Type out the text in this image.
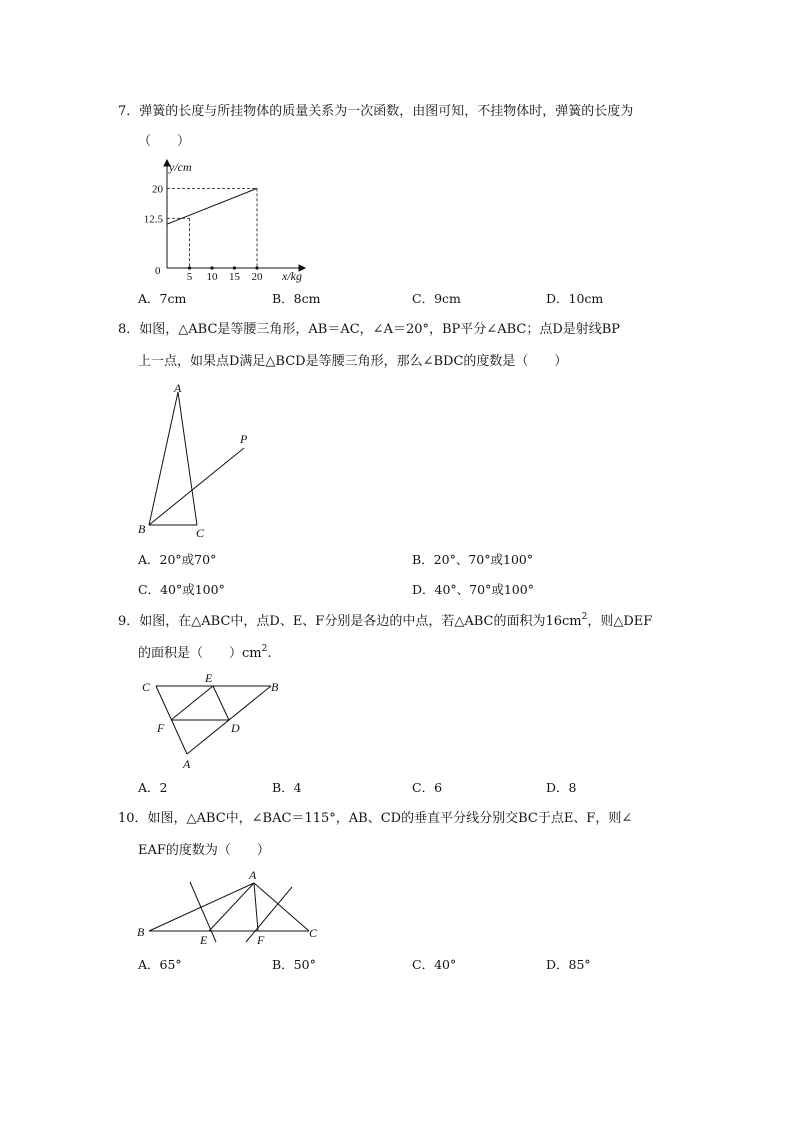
7．弹簧的长度与所挂物体的质量关系为一次函数，由图可知，不挂物体时，弹簧的长度为
（　　）
5 10 15 20
12.5
20
y/cm
x/kg
0
A．7cm	B．8cm	C．9cm	D．10cm
8．如图，△ABC是等腰三角形，AB＝AC，∠A＝20°，BP平分∠ABC；点D是射线BP
上一点，如果点D满足△BCD是等腰三角形，那么∠BDC的度数是（　　）
A
B	C
P
A．20°或70°	B．20°、70°或100°
C．40°或100°	D．40°、70°或100°
9．如图，在△ABC中，点D、E、F分别是各边的中点，若△ABC的面积为$16cm^2$，则△DEF
的面积是（　　）$cm^2$.
C
E
B
F	D
A
A．2	B．4	C．6	D．8
10．如图，△ABC中，∠BAC＝115°，AB、CD的垂直平分线分别交BC于点E、F，则∠
EAF的度数为（　　）
A
B	C
E	F
A．65°	B．50°	C．40°	D．85°
